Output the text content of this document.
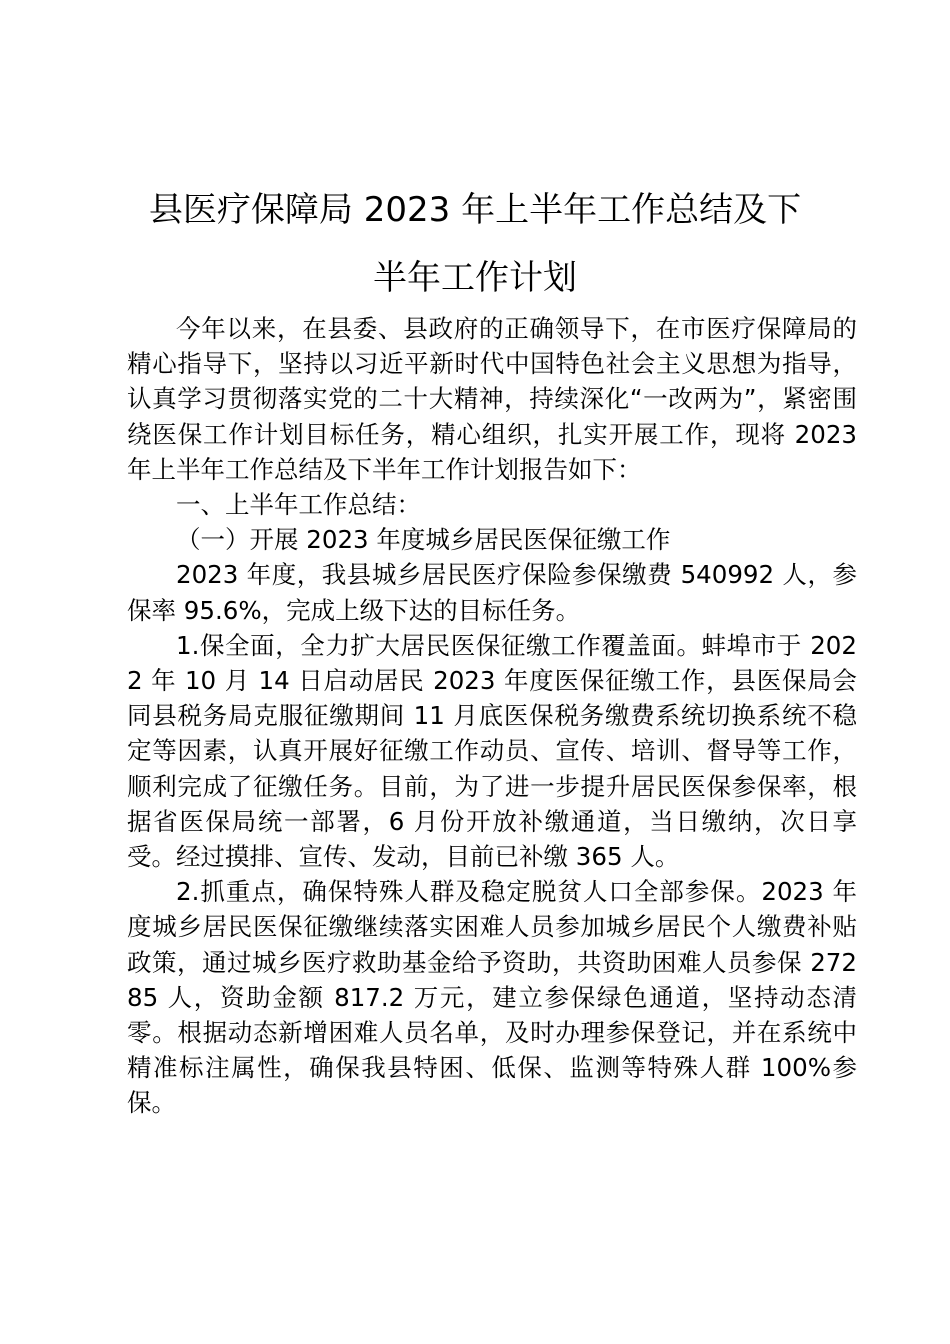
县医疗保障局 2023 年上半年工作总结及下
半年工作计划

今年以来，在县委、县政府的正确领导下，在市医疗保障局的精心指导下，坚持以习近平新时代中国特色社会主义思想为指导，认真学习贯彻落实党的二十大精神，持续深化“一改两为”，紧密围绕医保工作计划目标任务，精心组织，扎实开展工作，现将 2023 年上半年工作总结及下半年工作计划报告如下：

一、上半年工作总结：

（一）开展 2023 年度城乡居民医保征缴工作

2023 年度，我县城乡居民医疗保险参保缴费 540992 人，参保率 95.6%，完成上级下达的目标任务。

1.保全面，全力扩大居民医保征缴工作覆盖面。蚌埠市于 2022 年 10 月 14 日启动居民 2023 年度医保征缴工作，县医保局会同县税务局克服征缴期间 11 月底医保税务缴费系统切换系统不稳定等因素，认真开展好征缴工作动员、宣传、培训、督导等工作，顺利完成了征缴任务。目前，为了进一步提升居民医保参保率，根据省医保局统一部署，6 月份开放补缴通道，当日缴纳，次日享受。经过摸排、宣传、发动，目前已补缴 365 人。

2.抓重点，确保特殊人群及稳定脱贫人口全部参保。2023 年度城乡居民医保征缴继续落实困难人员参加城乡居民个人缴费补贴政策，通过城乡医疗救助基金给予资助，共资助困难人员参保 27285 人，资助金额 817.2 万元，建立参保绿色通道，坚持动态清零。根据动态新增困难人员名单，及时办理参保登记，并在系统中精准标注属性，确保我县特困、低保、监测等特殊人群 100%参保。
